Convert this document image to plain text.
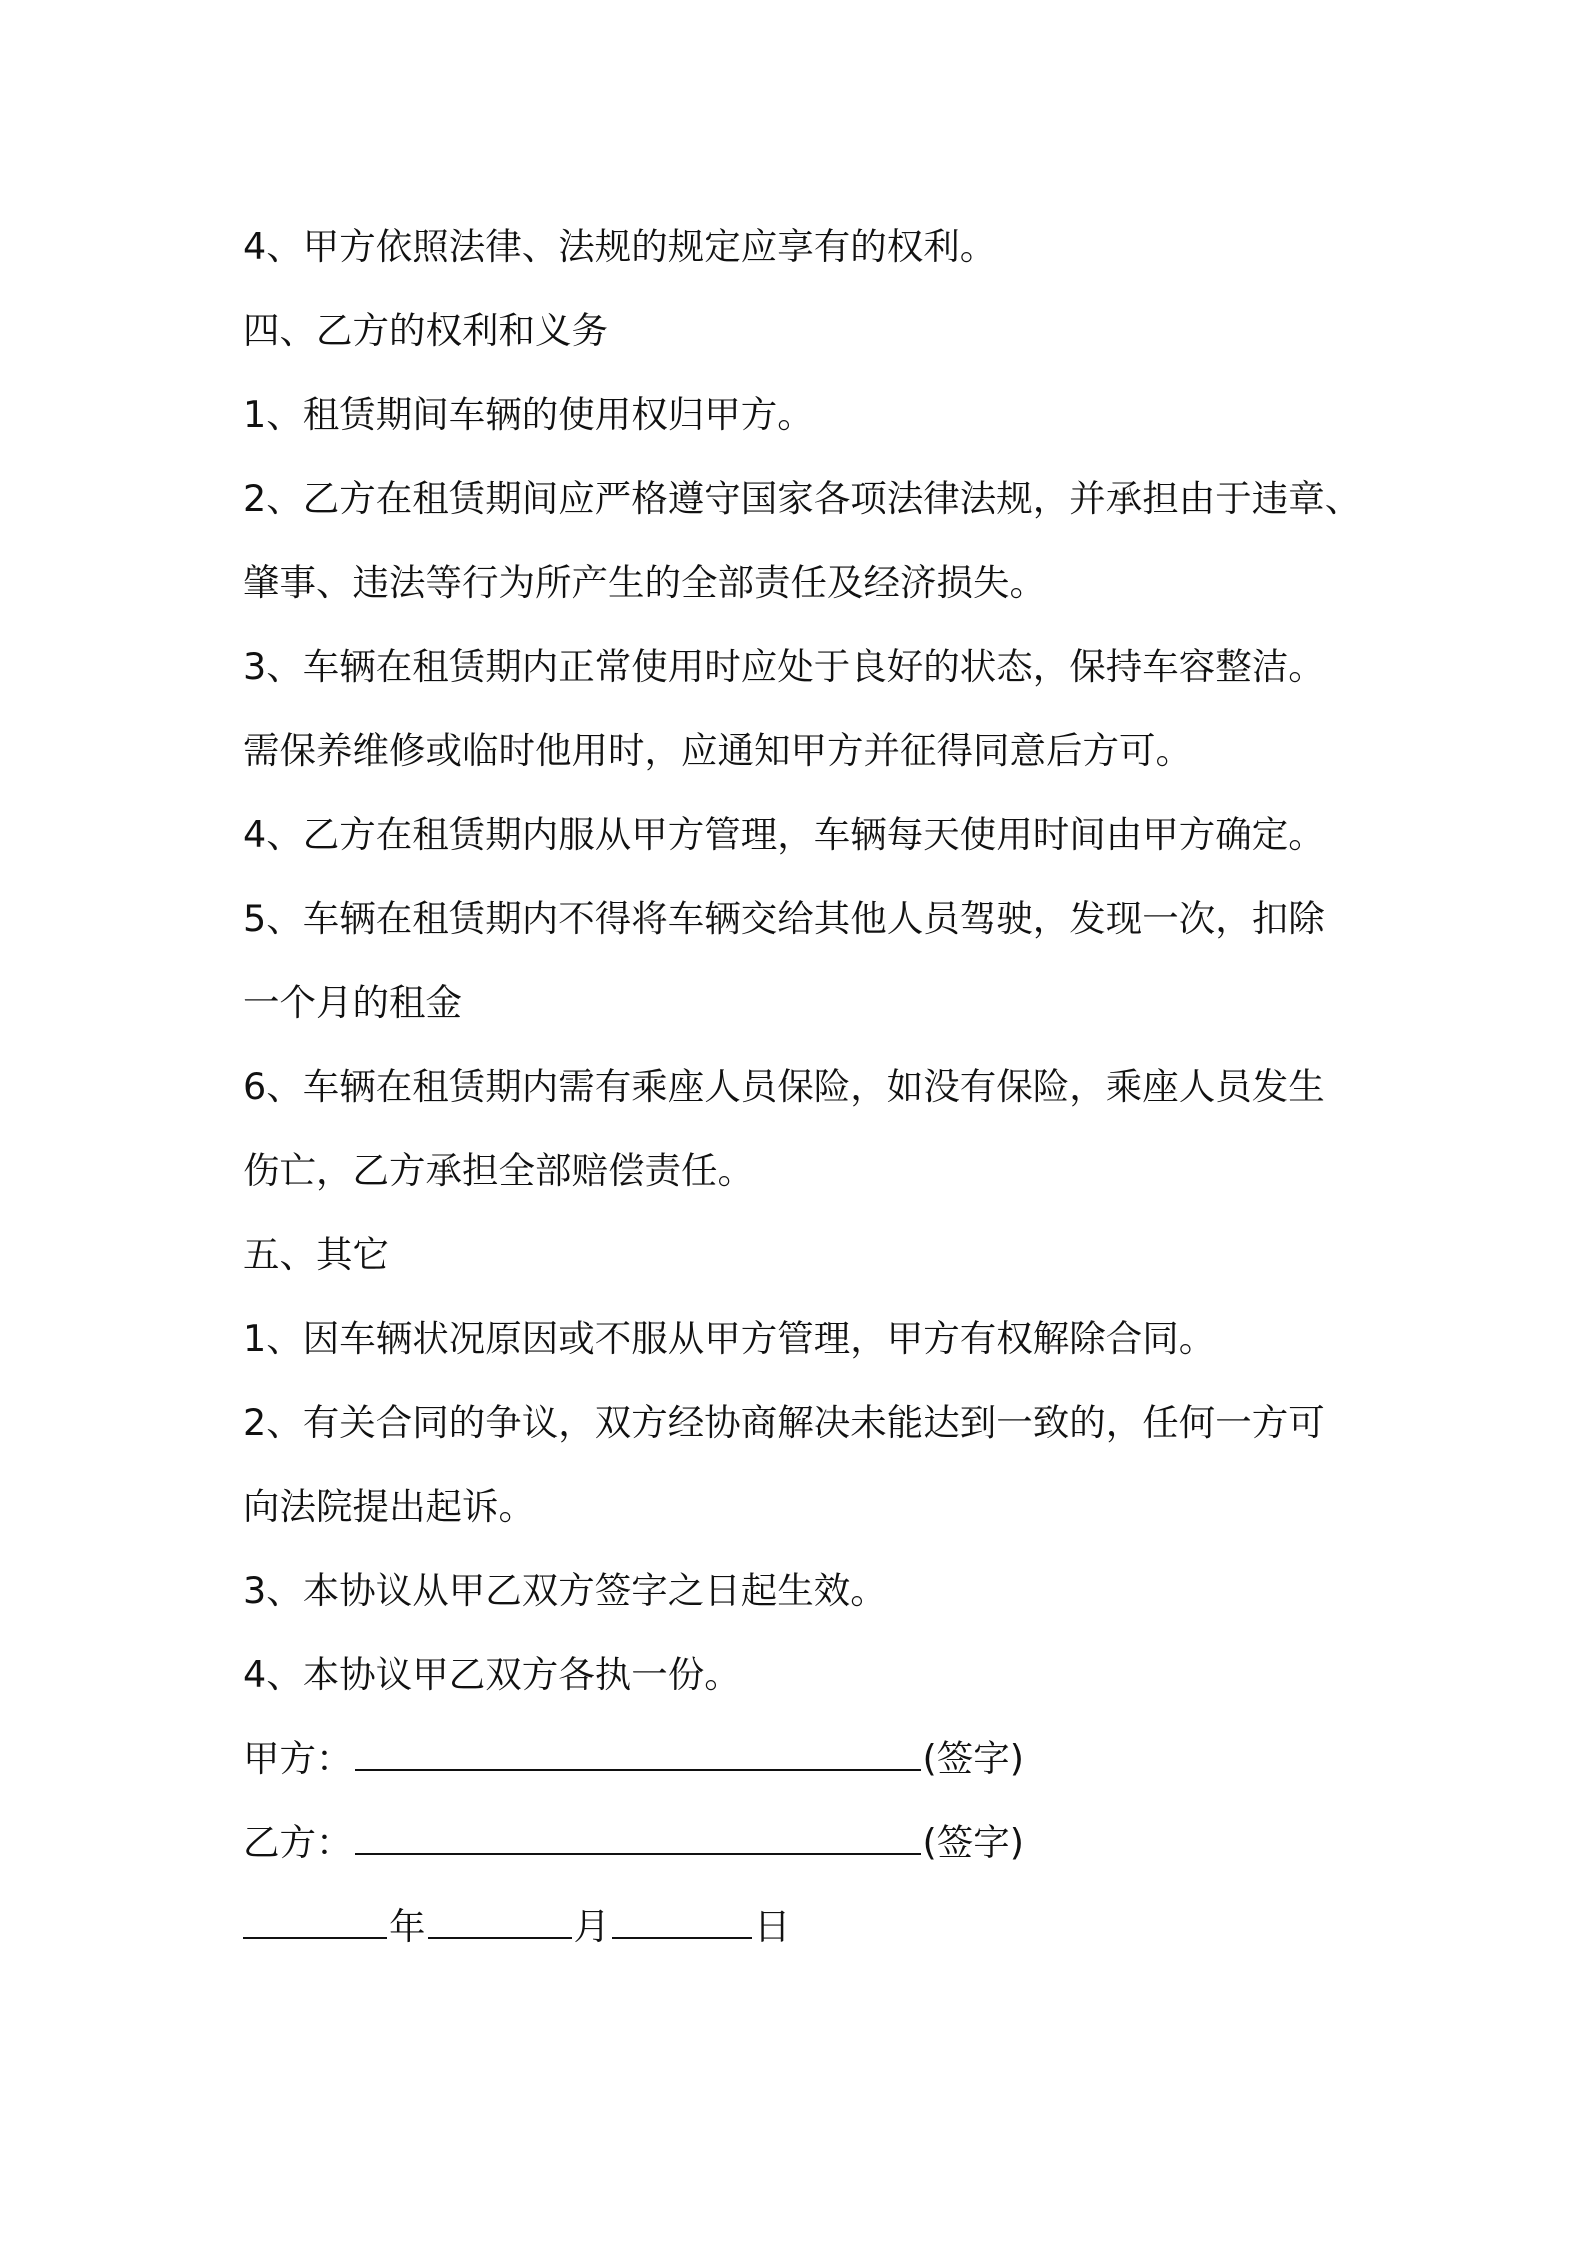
4、甲方依照法律、法规的规定应享有的权利。
四、乙方的权利和义务
1、租赁期间车辆的使用权归甲方。
2、乙方在租赁期间应严格遵守国家各项法律法规，并承担由于违章、
肇事、违法等行为所产生的全部责任及经济损失。
3、车辆在租赁期内正常使用时应处于良好的状态，保持车容整洁。
需保养维修或临时他用时，应通知甲方并征得同意后方可。
4、乙方在租赁期内服从甲方管理，车辆每天使用时间由甲方确定。
5、车辆在租赁期内不得将车辆交给其他人员驾驶，发现一次，扣除
一个月的租金
6、车辆在租赁期内需有乘座人员保险，如没有保险，乘座人员发生
伤亡，乙方承担全部赔偿责任。
五、其它
1、因车辆状况原因或不服从甲方管理，甲方有权解除合同。
2、有关合同的争议，双方经协商解决未能达到一致的，任何一方可
向法院提出起诉。
3、本协议从甲乙双方签字之日起生效。
4、本协议甲乙双方各执一份。
甲方：	(签字)
乙方：	(签字)
年	月	日
